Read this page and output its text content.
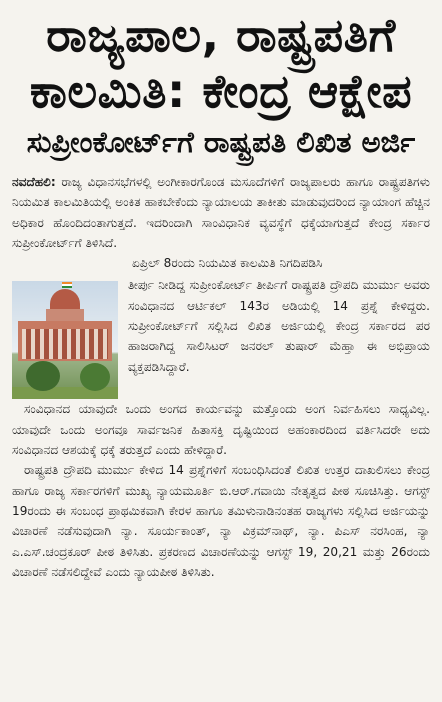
ರಾಜ್ಯಪಾಲ, ರಾಷ್ಟ್ರಪತಿಗೆ
ಕಾಲಮಿತಿ: ಕೇಂದ್ರ ಆಕ್ಷೇಪ
ಸುಪ್ರೀಂಕೋರ್ಟ್‌ಗೆ ರಾಷ್ಟ್ರಪತಿ ಲಿಖಿತ ಅರ್ಜಿ

ನವದೆಹಲಿ: ರಾಜ್ಯ ವಿಧಾನಸಭೆಗಳಲ್ಲಿ ಅಂಗೀಕಾರಗೊಂಡ ಮಸೂದೆಗಳಿಗೆ ರಾಜ್ಯಪಾಲರು ಹಾಗೂ ರಾಷ್ಟ್ರಪತಿಗಳು ನಿಯಮಿತ ಕಾಲಮಿತಿಯಲ್ಲಿ ಅಂಕಿತ ಹಾಕಬೇಕೆಂದು ನ್ಯಾಯಾಲಯ ತಾಕೀತು ಮಾಡುವುದರಿಂದ ನ್ಯಾಯಾಂಗ ಹೆಚ್ಚಿನ ಅಧಿಕಾರ ಹೊಂದಿದಂತಾಗುತ್ತದೆ. ಇದರಿಂದಾಗಿ ಸಾಂವಿಧಾನಿಕ ವ್ಯವಸ್ಥೆಗೆ ಧಕ್ಕೆಯಾಗುತ್ತದೆ ಕೇಂದ್ರ ಸರ್ಕಾರ ಸುಪ್ರೀಂಕೋರ್ಟ್‌ಗೆ ತಿಳಿಸಿದೆ.

ಏಪ್ರಿಲ್ 8ರಂದು ನಿಯಮಿತ ಕಾಲಮಿತಿ ನಿಗದಿಪಡಿಸಿ

ತೀರ್ಪು ನೀಡಿದ್ದ ಸುಪ್ರೀಂಕೋರ್ಟ್ ತೀರ್ಪಿಗೆ ರಾಷ್ಟ್ರಪತಿ ದ್ರೌಪದಿ ಮುರ್ಮು ಅವರು ಸಂವಿಧಾನದ ಆರ್ಟಿಕಲ್ 143ರ ಅಡಿಯಲ್ಲಿ 14 ಪ್ರಶ್ನೆ ಕೇಳಿದ್ದರು. ಸುಪ್ರೀಂಕೋರ್ಟ್‌ಗೆ ಸಲ್ಲಿಸಿದ ಲಿಖಿತ ಅರ್ಜಿಯಲ್ಲಿ ಕೇಂದ್ರ ಸರ್ಕಾರದ ಪರ ಹಾಜರಾಗಿದ್ದ ಸಾಲಿಸಿಟರ್ ಜನರಲ್ ತುಷಾರ್ ಮೆಹ್ತಾ ಈ ಅಭಿಪ್ರಾಯ ವ್ಯಕ್ತಪಡಿಸಿದ್ದಾರೆ.

ಸಂವಿಧಾನದ ಯಾವುದೇ ಒಂದು ಅಂಗದ ಕಾರ್ಯವನ್ನು ಮತ್ತೊಂದು ಅಂಗ ನಿರ್ವಹಿಸಲು ಸಾಧ್ಯವಿಲ್ಲ. ಯಾವುದೇ ಒಂದು ಅಂಗವೂ ಸಾರ್ವಜನಿಕ ಹಿತಾಸಕ್ತಿ ದೃಷ್ಟಿಯಿಂದ ಅಹಂಕಾರದಿಂದ ವರ್ತಿಸಿದರೇ ಅದು ಸಂವಿಧಾನದ ಆಶಯಕ್ಕೆ ಧಕ್ಕೆ ತರುತ್ತದೆ ಎಂದು ಹೇಳಿದ್ದಾರೆ.

ರಾಷ್ಟ್ರಪತಿ ದ್ರೌಪದಿ ಮುರ್ಮು ಕೇಳಿದ 14 ಪ್ರಶ್ನೆಗಳಿಗೆ ಸಂಬಂಧಿಸಿದಂತೆ ಲಿಖಿತ ಉತ್ತರ ದಾಖಲಿಸಲು ಕೇಂದ್ರ ಹಾಗೂ ರಾಜ್ಯ ಸರ್ಕಾರಗಳಿಗೆ ಮುಖ್ಯ ನ್ಯಾಯಮೂರ್ತಿ ಬಿ.ಆರ್.ಗವಾಯಿ ನೇತೃತ್ವದ ಪೀಠ ಸೂಚಿಸಿತ್ತು. ಆಗಸ್ಟ್ 19ರಂದು ಈ ಸಂಬಂಧ ಪ್ರಾಥಮಿಕವಾಗಿ ಕೇರಳ ಹಾಗೂ ತಮಿಳುನಾಡಿನಂತಹ ರಾಜ್ಯಗಳು ಸಲ್ಲಿಸಿದ ಅರ್ಜಿಯನ್ನು ವಿಚಾರಣೆ ನಡೆಸುವುದಾಗಿ ನ್ಯಾ. ಸೂರ್ಯಕಾಂತ್, ನ್ಯಾ ವಿಕ್ರಮ್‌ನಾಥ್, ನ್ಯಾ. ಪಿಎಸ್ ನರಸಿಂಹ, ನ್ಯಾ ಎ.ಎಸ್.ಚಂದ್ರಕೂರ್ ಪೀಠ ತಿಳಿಸಿತು. ಪ್ರಕರಣದ ವಿಚಾರಣೆಯನ್ನು ಆಗಸ್ಟ್ 19, 20,21 ಮತ್ತು 26ರಂದು ವಿಚಾರಣೆ ನಡೆಸಲಿದ್ದೇವೆ ಎಂದು ನ್ಯಾಯಪೀಠ ತಿಳಿಸಿತು.
